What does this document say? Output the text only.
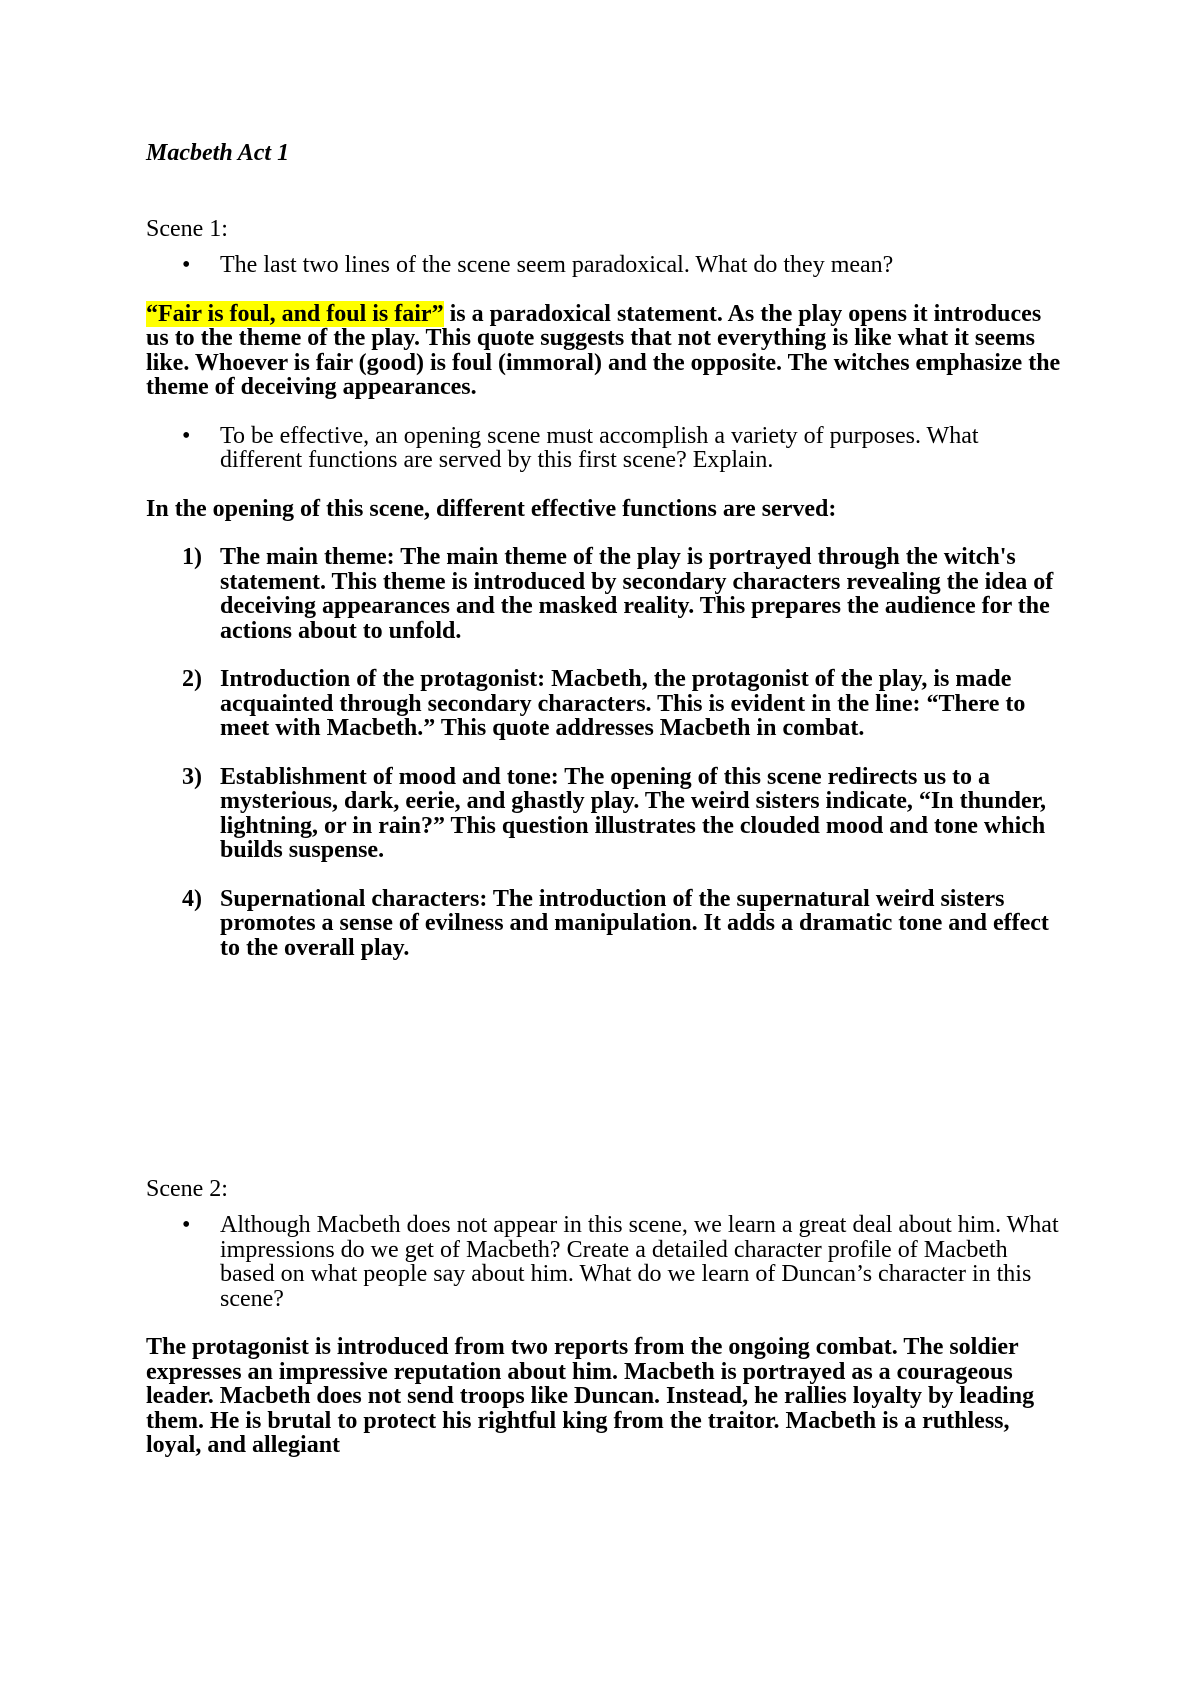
Macbeth Act 1
Scene 1:

• The last two lines of the scene seem paradoxical. What do they mean?

“Fair is foul, and foul is fair” is a paradoxical statement. As the play opens it introduces us to the theme of the play. This quote suggests that not everything is like what it seems like. Whoever is fair (good) is foul (immoral) and the opposite. The witches emphasize the theme of deceiving appearances.

• To be effective, an opening scene must accomplish a variety of purposes. What different functions are served by this first scene? Explain.

In the opening of this scene, different effective functions are served:

1) The main theme: The main theme of the play is portrayed through the witch's statement. This theme is introduced by secondary characters revealing the idea of deceiving appearances and the masked reality. This prepares the audience for the actions about to unfold.
2) Introduction of the protagonist: Macbeth, the protagonist of the play, is made acquainted through secondary characters. This is evident in the line: “There to meet with Macbeth.” This quote addresses Macbeth in combat.
3) Establishment of mood and tone: The opening of this scene redirects us to a mysterious, dark, eerie, and ghastly play. The weird sisters indicate, “In thunder, lightning, or in rain?” This question illustrates the clouded mood and tone which builds suspense.
4) Supernational characters: The introduction of the supernatural weird sisters promotes a sense of evilness and manipulation. It adds a dramatic tone and effect to the overall play.
Scene 2:

• Although Macbeth does not appear in this scene, we learn a great deal about him. What impressions do we get of Macbeth? Create a detailed character profile of Macbeth based on what people say about him. What do we learn of Duncan’s character in this scene?

The protagonist is introduced from two reports from the ongoing combat. The soldier expresses an impressive reputation about him. Macbeth is portrayed as a courageous leader. Macbeth does not send troops like Duncan. Instead, he rallies loyalty by leading them. He is brutal to protect his rightful king from the traitor. Macbeth is a ruthless, loyal, and allegiant
